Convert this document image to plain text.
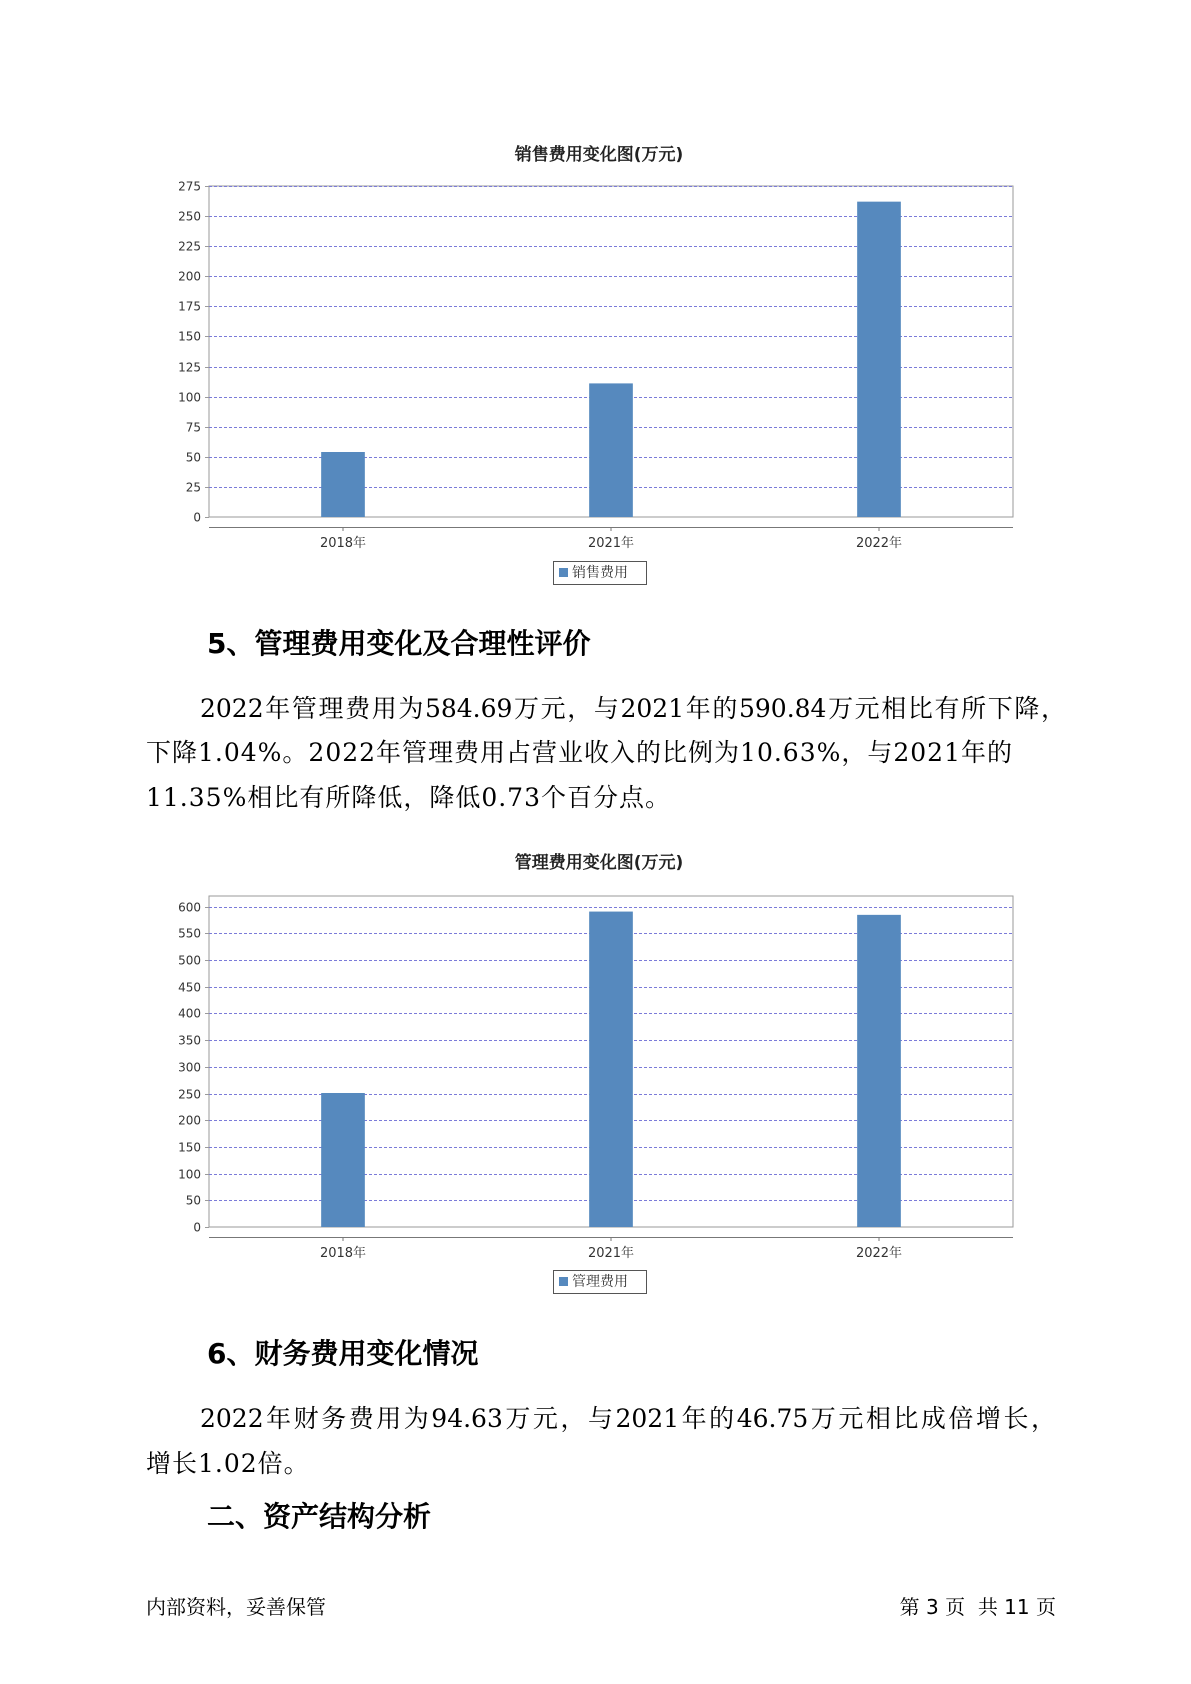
销售费用变化图(万元)
0
25
50
75
100
125
150
175
200
225
250
275
2018年	2021年	2022年
销售费用
5、管理费用变化及合理性评价
2022年管理费用为584.69万元，与2021年的590.84万元相比有所下降，
下降1.04%。2022年管理费用占营业收入的比例为10.63%，与2021年的
11.35%相比有所降低，降低0.73个百分点。
管理费用变化图(万元)
0
50
100
150
200
250
300
350
400
450
500
550
600
2018年	2021年	2022年
管理费用
6、财务费用变化情况
2022年财务费用为94.63万元，与2021年的46.75万元相比成倍增长，
增长1.02倍。
二、资产结构分析
内部资料，妥善保管	第 3 页  共 11 页
